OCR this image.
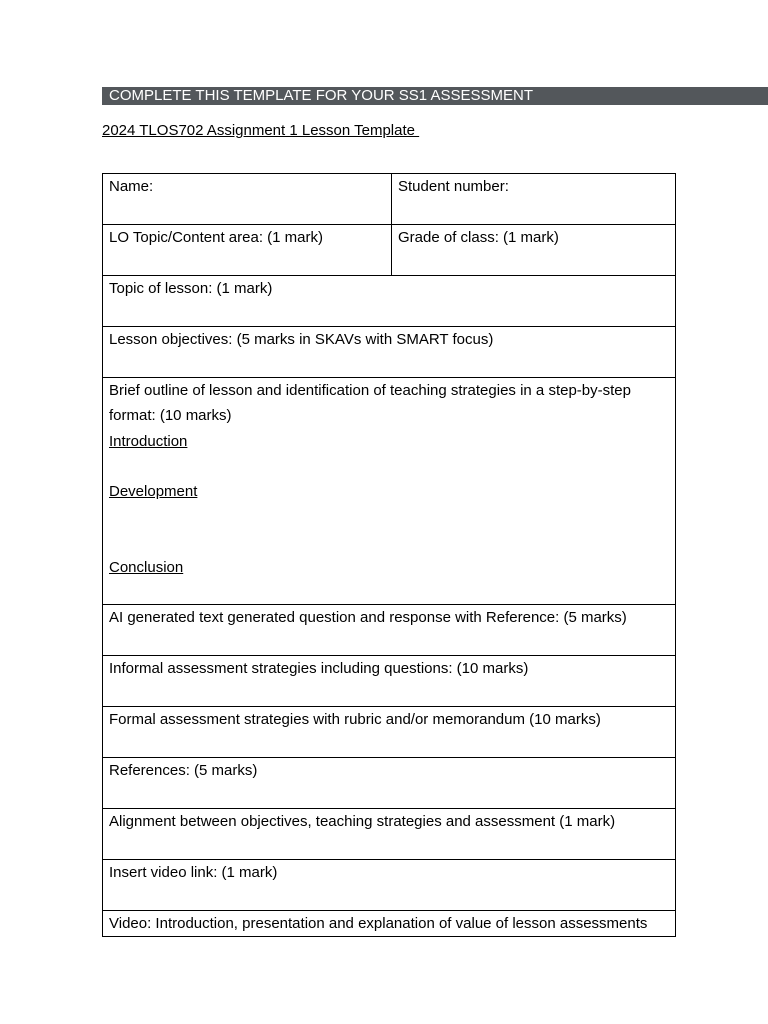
COMPLETE THIS TEMPLATE FOR YOUR SS1 ASSESSMENT
2024 TLOS702 Assignment 1 Lesson Template
Name:	Student number:
LO Topic/Content area: (1 mark)	Grade of class: (1 mark)
Topic of lesson: (1 mark)	
Lesson objectives: (5 marks in SKAVs with SMART focus)	

Brief outline of lesson and identification of teaching strategies in a step-by-step format: (10 marks)
Introduction
Development
Conclusion	

AI generated text generated question and response with Reference: (5 marks)	
Informal assessment strategies including questions: (10 marks)	
Formal assessment strategies with rubric and/or memorandum (10 marks)	
References: (5 marks)	
Alignment between objectives, teaching strategies and assessment (1 mark)	
Insert video link: (1 mark)	
Video: Introduction, presentation and explanation of value of lesson assessments	
